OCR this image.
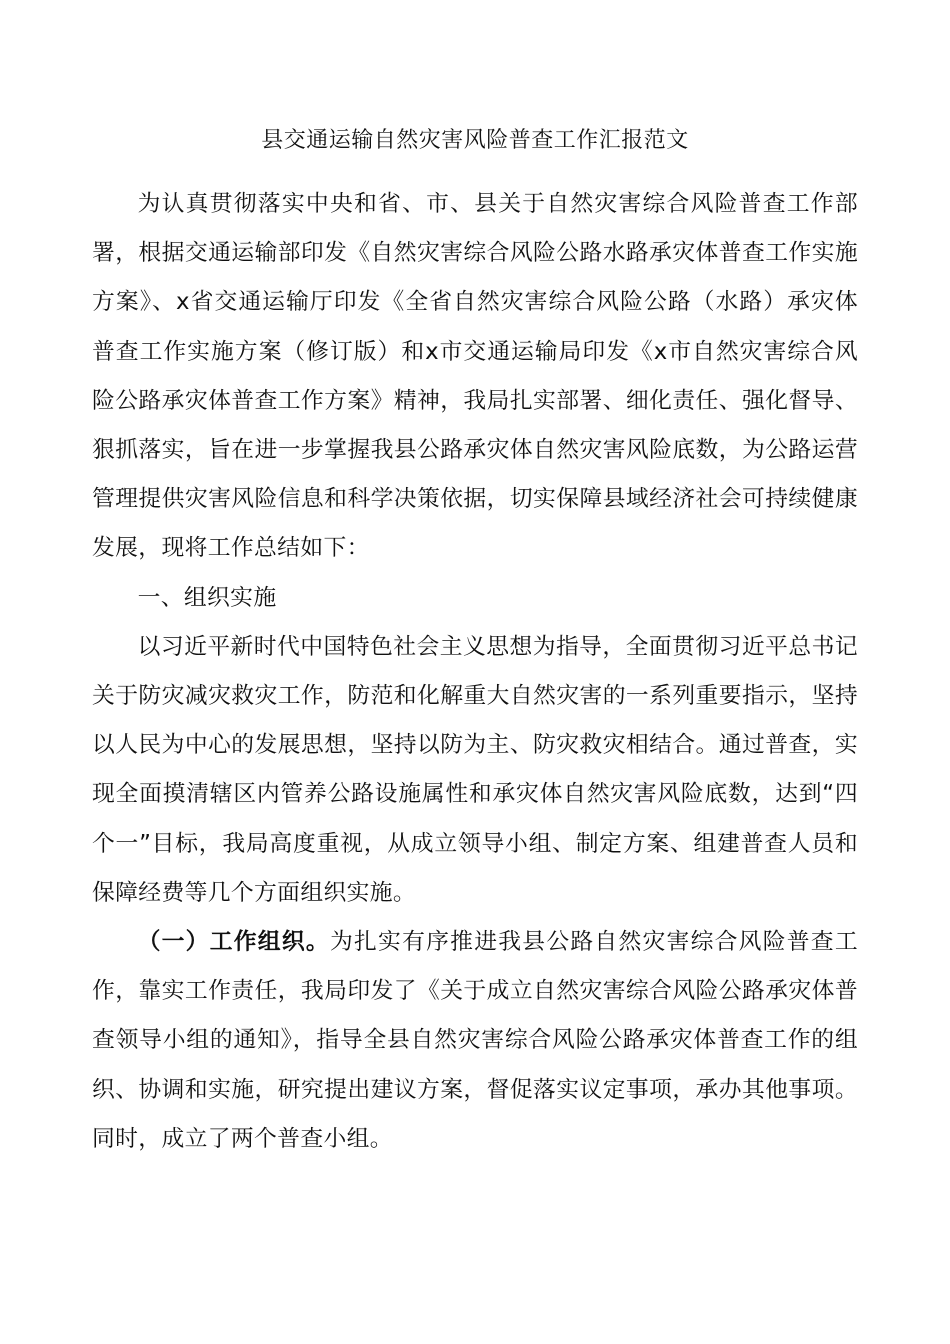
县交通运输自然灾害风险普查工作汇报范文

为认真贯彻落实中央和省、市、县关于自然灾害综合风险普查工作部署，根据交通运输部印发《自然灾害综合风险公路水路承灾体普查工作实施方案》、x省交通运输厅印发《全省自然灾害综合风险公路（水路）承灾体普查工作实施方案（修订版）和x市交通运输局印发《x市自然灾害综合风险公路承灾体普查工作方案》精神，我局扎实部署、细化责任、强化督导、狠抓落实，旨在进一步掌握我县公路承灾体自然灾害风险底数，为公路运营管理提供灾害风险信息和科学决策依据，切实保障县域经济社会可持续健康发展，现将工作总结如下：

一、组织实施

以习近平新时代中国特色社会主义思想为指导，全面贯彻习近平总书记关于防灾减灾救灾工作，防范和化解重大自然灾害的一系列重要指示，坚持以人民为中心的发展思想，坚持以防为主、防灾救灾相结合。通过普查，实现全面摸清辖区内管养公路设施属性和承灾体自然灾害风险底数，达到“四个一”目标，我局高度重视，从成立领导小组、制定方案、组建普查人员和保障经费等几个方面组织实施。

（一）工作组织。为扎实有序推进我县公路自然灾害综合风险普查工作，靠实工作责任，我局印发了《关于成立自然灾害综合风险公路承灾体普查领导小组的通知》，指导全县自然灾害综合风险公路承灾体普查工作的组织、协调和实施，研究提出建议方案，督促落实议定事项，承办其他事项。同时，成立了两个普查小组。
